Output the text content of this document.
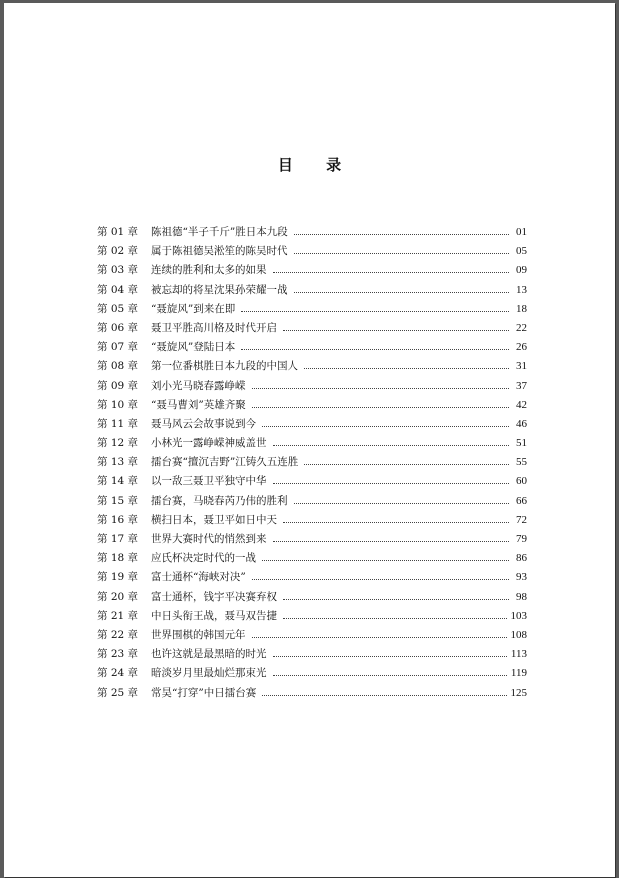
目 录
第 01 章	陈祖德“半子千斤”胜日本九段	01
第 02 章	属于陈祖德吴淞笙的陈吴时代	05
第 03 章	连续的胜利和太多的如果	09
第 04 章	被忘却的将星沈果孙荣耀一战	13
第 05 章	“聂旋风”到来在即	18
第 06 章	聂卫平胜高川格及时代开启	22
第 07 章	“聂旋风”登陆日本	26
第 08 章	第一位番棋胜日本九段的中国人	31
第 09 章	刘小光马晓春露峥嵘	37
第 10 章	“聂马曹刘”英雄齐聚	42
第 11 章	聂马风云会故事说到今	46
第 12 章	小林光一露峥嵘神威盖世	51
第 13 章	擂台赛“擅沉吉野”江铸久五连胜	55
第 14 章	以一敌三聂卫平独守中华	60
第 15 章	擂台赛，马晓春芮乃伟的胜利	66
第 16 章	横扫日本，聂卫平如日中天	72
第 17 章	世界大赛时代的悄然到来	79
第 18 章	应氏杯决定时代的一战	86
第 19 章	富士通杯“海峡对决”	93
第 20 章	富士通杯，钱宇平决赛弃权	98
第 21 章	中日头衔王战，聂马双告捷	103
第 22 章	世界围棋的韩国元年	108
第 23 章	也许这就是最黑暗的时光	113
第 24 章	暗淡岁月里最灿烂那束光	119
第 25 章	常昊“打穿”中日擂台赛	125
